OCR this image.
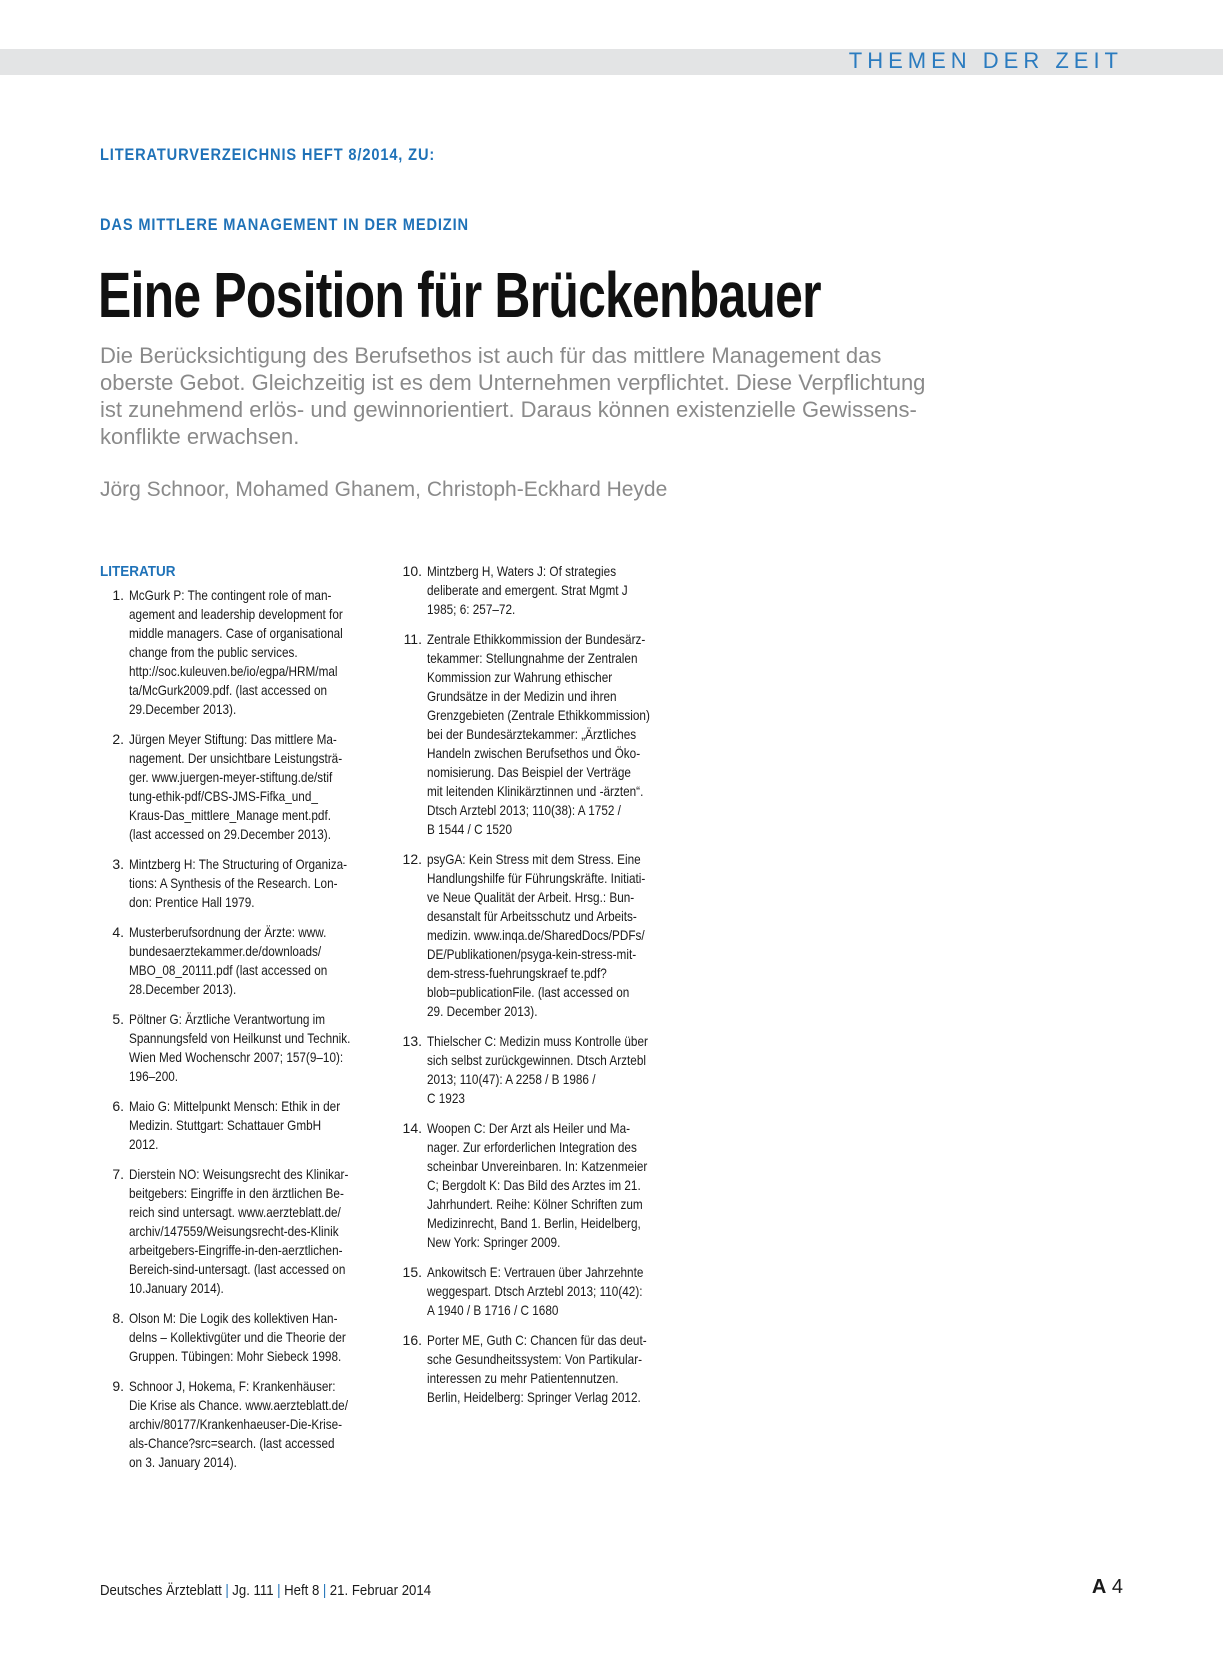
THEMEN DER ZEIT
LITERATURVERZEICHNIS HEFT 8/2014, ZU:
DAS MITTLERE MANAGEMENT IN DER MEDIZIN
Eine Position für Brückenbauer
Die Berücksichtigung des Berufsethos ist auch für das mittlere Management das
oberste Gebot. Gleichzeitig ist es dem Unternehmen verpflichtet. Diese Verpflichtung
ist zunehmend erlös- und gewinnorientiert. Daraus können existenzielle Gewissens-
konflikte erwachsen.
Jörg Schnoor, Mohamed Ghanem, Christoph-Eckhard Heyde
LITERATUR
1. McGurk P: The contingent role of man-
agement and leadership development for
middle managers. Case of organisational
change from the public services.
http://soc.kuleuven.be/io/egpa/HRM/mal
ta/McGurk2009.pdf. (last accessed on
29.December 2013).
2. Jürgen Meyer Stiftung: Das mittlere Ma-
nagement. Der unsichtbare Leistungsträ-
ger. www.juergen-meyer-stiftung.de/stif
tung-ethik-pdf/CBS-JMS-Fifka_und_
Kraus-Das_mittlere_Manage ment.pdf.
(last accessed on 29.December 2013).
3. Mintzberg H: The Structuring of Organiza-
tions: A Synthesis of the Research. Lon-
don: Prentice Hall 1979.
4. Musterberufsordnung der Ärzte: www.
bundesaerztekammer.de/downloads/
MBO_08_20111.pdf (last accessed on
28.December 2013).
5. Pöltner G: Ärztliche Verantwortung im
Spannungsfeld von Heilkunst und Technik.
Wien Med Wochenschr 2007; 157(9–10):
196–200.
6. Maio G: Mittelpunkt Mensch: Ethik in der
Medizin. Stuttgart: Schattauer GmbH
2012.
7. Dierstein NO: Weisungsrecht des Klinikar-
beitgebers: Eingriffe in den ärztlichen Be-
reich sind untersagt. www.aerzteblatt.de/
archiv/147559/Weisungsrecht-des-Klinik
arbeitgebers-Eingriffe-in-den-aerztlichen-
Bereich-sind-untersagt. (last accessed on
10.January 2014).
8. Olson M: Die Logik des kollektiven Han-
delns – Kollektivgüter und die Theorie der
Gruppen. Tübingen: Mohr Siebeck 1998.
9. Schnoor J, Hokema, F: Krankenhäuser:
Die Krise als Chance. www.aerzteblatt.de/
archiv/80177/Krankenhaeuser-Die-Krise-
als-Chance?src=search. (last accessed
on 3. January 2014).
10. Mintzberg H, Waters J: Of strategies
deliberate and emergent. Strat Mgmt J
1985; 6: 257–72.
11. Zentrale Ethikkommission der Bundesärz-
tekammer: Stellungnahme der Zentralen
Kommission zur Wahrung ethischer
Grundsätze in der Medizin und ihren
Grenzgebieten (Zentrale Ethikkommission)
bei der Bundesärztekammer: „Ärztliches
Handeln zwischen Berufsethos und Öko-
nomisierung. Das Beispiel der Verträge
mit leitenden Klinikärztinnen und -ärzten“.
Dtsch Arztebl 2013; 110(38): A 1752 /
B 1544 / C 1520
12. psyGA: Kein Stress mit dem Stress. Eine
Handlungshilfe für Führungskräfte. Initiati-
ve Neue Qualität der Arbeit. Hrsg.: Bun-
desanstalt für Arbeitsschutz und Arbeits-
medizin. www.inqa.de/SharedDocs/PDFs/
DE/Publikationen/psyga-kein-stress-mit-
dem-stress-fuehrungskraef te.pdf?
blob=publicationFile. (last accessed on
29. December 2013).
13. Thielscher C: Medizin muss Kontrolle über
sich selbst zurückgewinnen. Dtsch Arztebl
2013; 110(47): A 2258 / B 1986 /
C 1923
14. Woopen C: Der Arzt als Heiler und Ma-
nager. Zur erforderlichen Integration des
scheinbar Unvereinbaren. In: Katzenmeier
C; Bergdolt K: Das Bild des Arztes im 21.
Jahrhundert. Reihe: Kölner Schriften zum
Medizinrecht, Band 1. Berlin, Heidelberg,
New York: Springer 2009.
15. Ankowitsch E: Vertrauen über Jahrzehnte
weggespart. Dtsch Arztebl 2013; 110(42):
A 1940 / B 1716 / C 1680
16. Porter ME, Guth C: Chancen für das deut-
sche Gesundheitssystem: Von Partikular-
interessen zu mehr Patientennutzen.
Berlin, Heidelberg: Springer Verlag 2012.
Deutsches Ärzteblatt | Jg. 111 | Heft 8 | 21. Februar 2014	A 4
